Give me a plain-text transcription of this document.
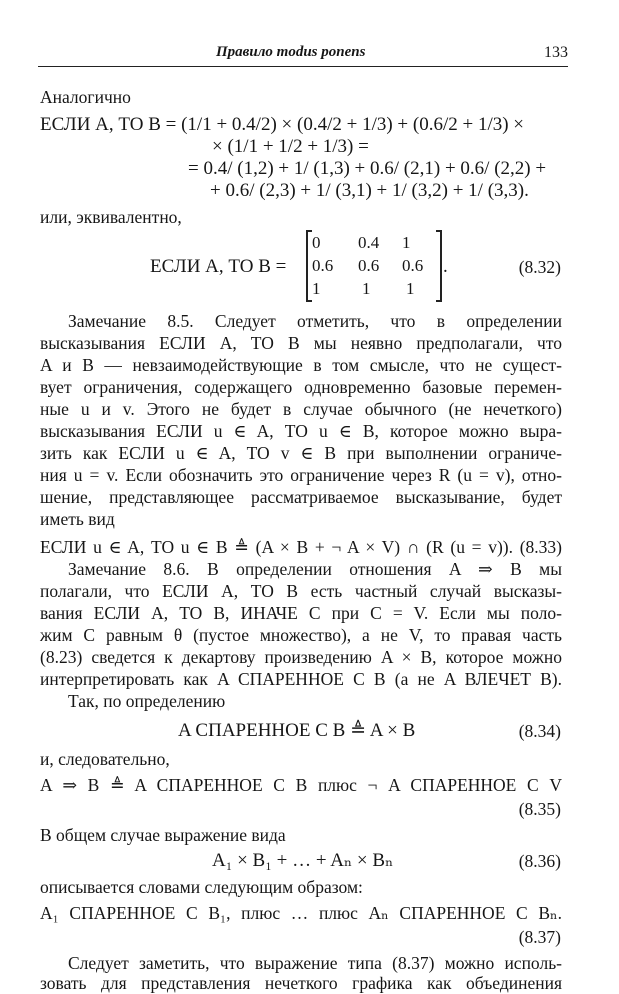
Правило modus ponens	133
Аналогично
ЕСЛИ A, ТО B = (1/1 + 0.4/2) × (0.4/2 + 1/3) + (0.6/2 + 1/3) ×
× (1/1 + 1/2 + 1/3) =
= 0.4/ (1,2) + 1/ (1,3) + 0.6/ (2,1) + 0.6/ (2,2) +
+ 0.6/ (2,3) + 1/ (3,1) + 1/ (3,2) + 1/ (3,3).
или, эквивалентно,
ЕСЛИ A, ТО B =
0 0.4 1
0.6 0.6 0.6
1 1 1
.	(8.32)
Замечание 8.5. Следует отметить, что в определении
высказывания ЕСЛИ A, ТО B мы неявно предполагали, что
A и B — невзаимодействующие в том смысле, что не сущест-
вует ограничения, содержащего одновременно базовые перемен-
ные u и v. Этого не будет в случае обычного (не нечеткого)
высказывания ЕСЛИ u ∈ A, ТО u ∈ B, которое можно выра-
зить как ЕСЛИ u ∈ A, ТО v ∈ B при выполнении ограниче-
ния u = v. Если обозначить это ограничение через R (u = v), отно-
шение, представляющее рассматриваемое высказывание, будет
иметь вид
ЕСЛИ u ∈ A, ТО u ∈ B ≜ (A × B + ¬ A × V) ∩ (R (u = v)). (8.33)
Замечание 8.6. В определении отношения A ⇒ B мы
полагали, что ЕСЛИ A, ТО B есть частный случай высказы-
вания ЕСЛИ A, ТО B, ИНАЧЕ C при C = V. Если мы поло-
жим C равным θ (пустое множество), а не V, то правая часть
(8.23) сведется к декартову произведению A × B, которое можно
интерпретировать как A СПАРЕННОЕ С B (а не A ВЛЕЧЕТ B).
Так, по определению
A СПАРЕННОЕ С B ≜ A × B	(8.34)
и, следовательно,
A ⇒ B ≜ A СПАРЕННОЕ С B плюс ¬ A СПАРЕННОЕ С V
(8.35)
В общем случае выражение вида
A₁ × B₁ + … + Aₙ × Bₙ	(8.36)
описывается словами следующим образом:
A₁ СПАРЕННОЕ С B₁, плюс … плюс Aₙ СПАРЕННОЕ С Bₙ.
(8.37)
Следует заметить, что выражение типа (8.37) можно исполь-
зовать для представления нечеткого графика как объединения
